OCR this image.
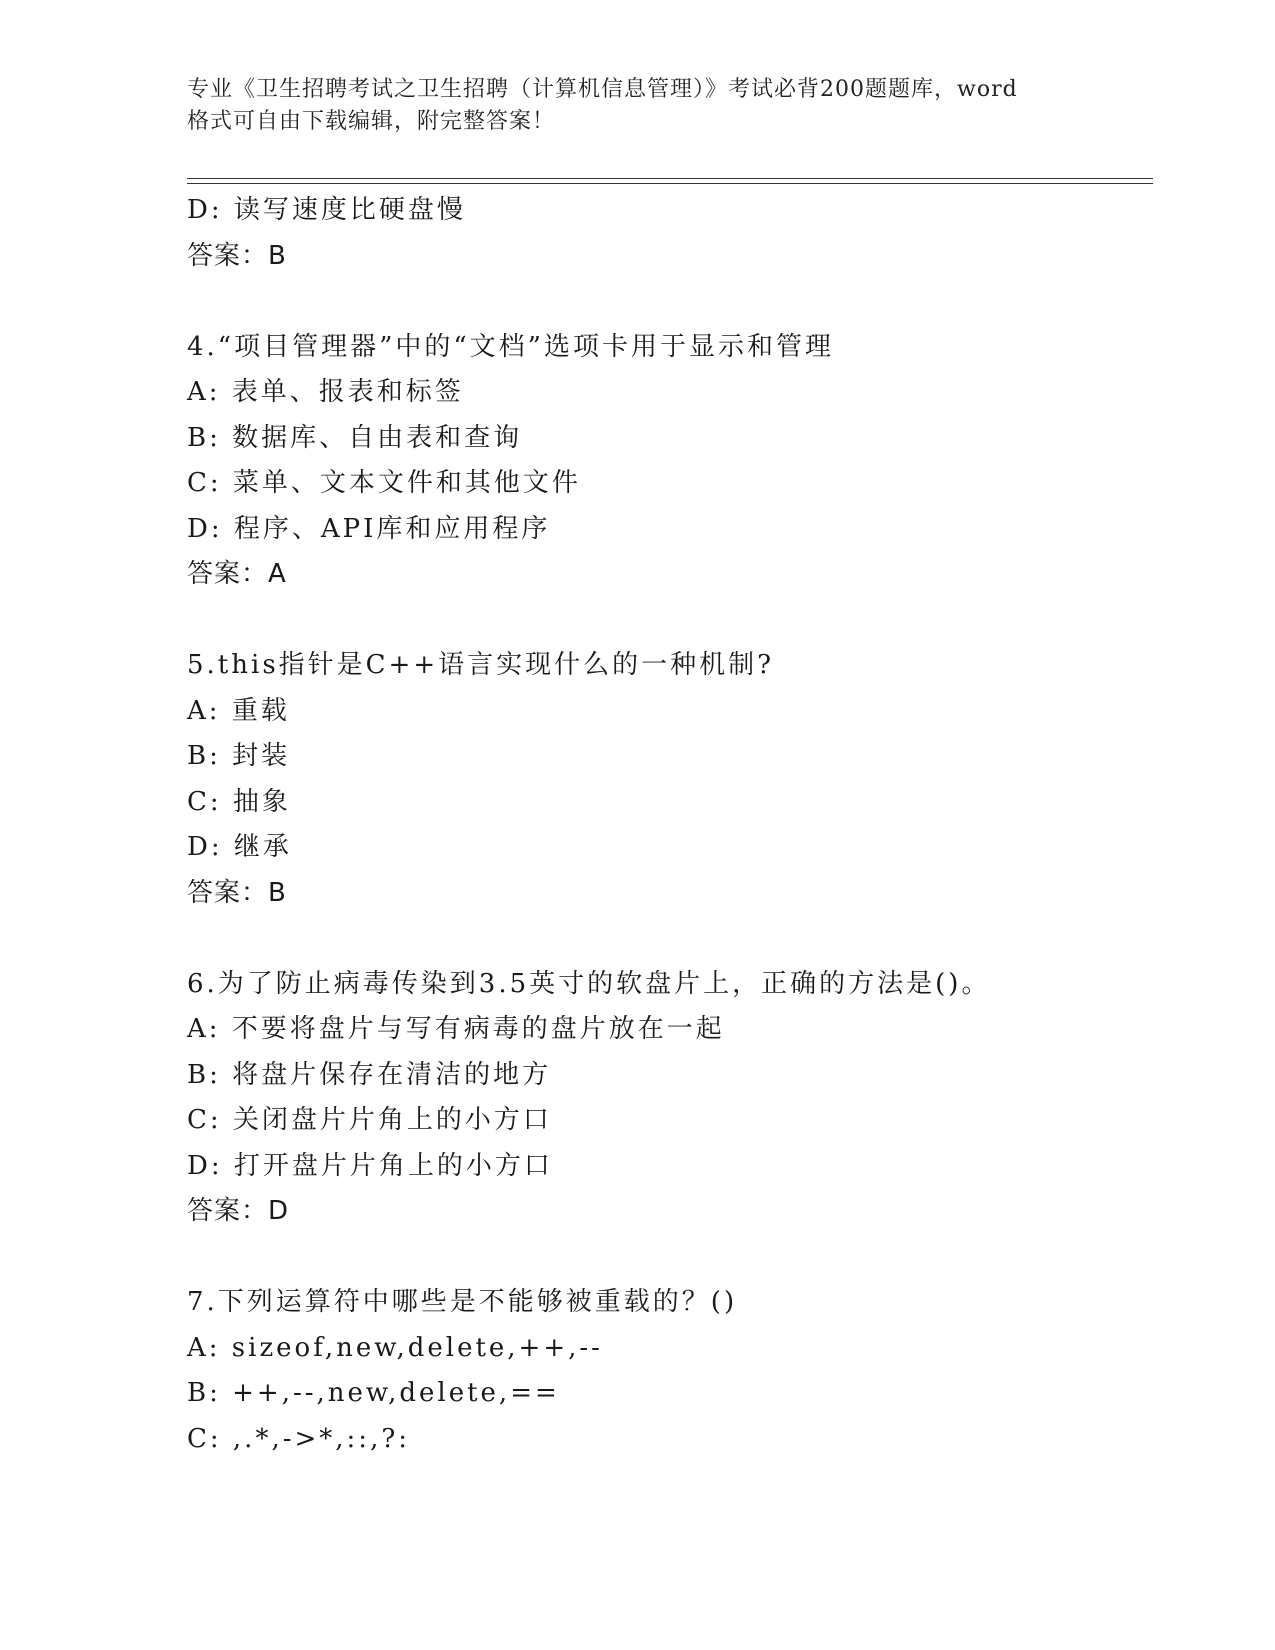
专业《卫生招聘考试之卫生招聘（计算机信息管理）》考试必背200题题库，word
格式可自由下载编辑，附完整答案！
D: 读写速度比硬盘慢
答案：B
4.“项目管理器”中的“文档”选项卡用于显示和管理
A: 表单、报表和标签
B: 数据库、自由表和查询
C: 菜单、文本文件和其他文件
D: 程序、API库和应用程序
答案：A
5.this指针是C++语言实现什么的一种机制?
A: 重载
B: 封装
C: 抽象
D: 继承
答案：B
6.为了防止病毒传染到3.5英寸的软盘片上，正确的方法是()。
A: 不要将盘片与写有病毒的盘片放在一起
B: 将盘片保存在清洁的地方
C: 关闭盘片片角上的小方口
D: 打开盘片片角上的小方口
答案：D
7.下列运算符中哪些是不能够被重载的？()
A: sizeof,new,delete,++,--
B: ++,--,new,delete,==
C: ,.*,->*,::,?:
